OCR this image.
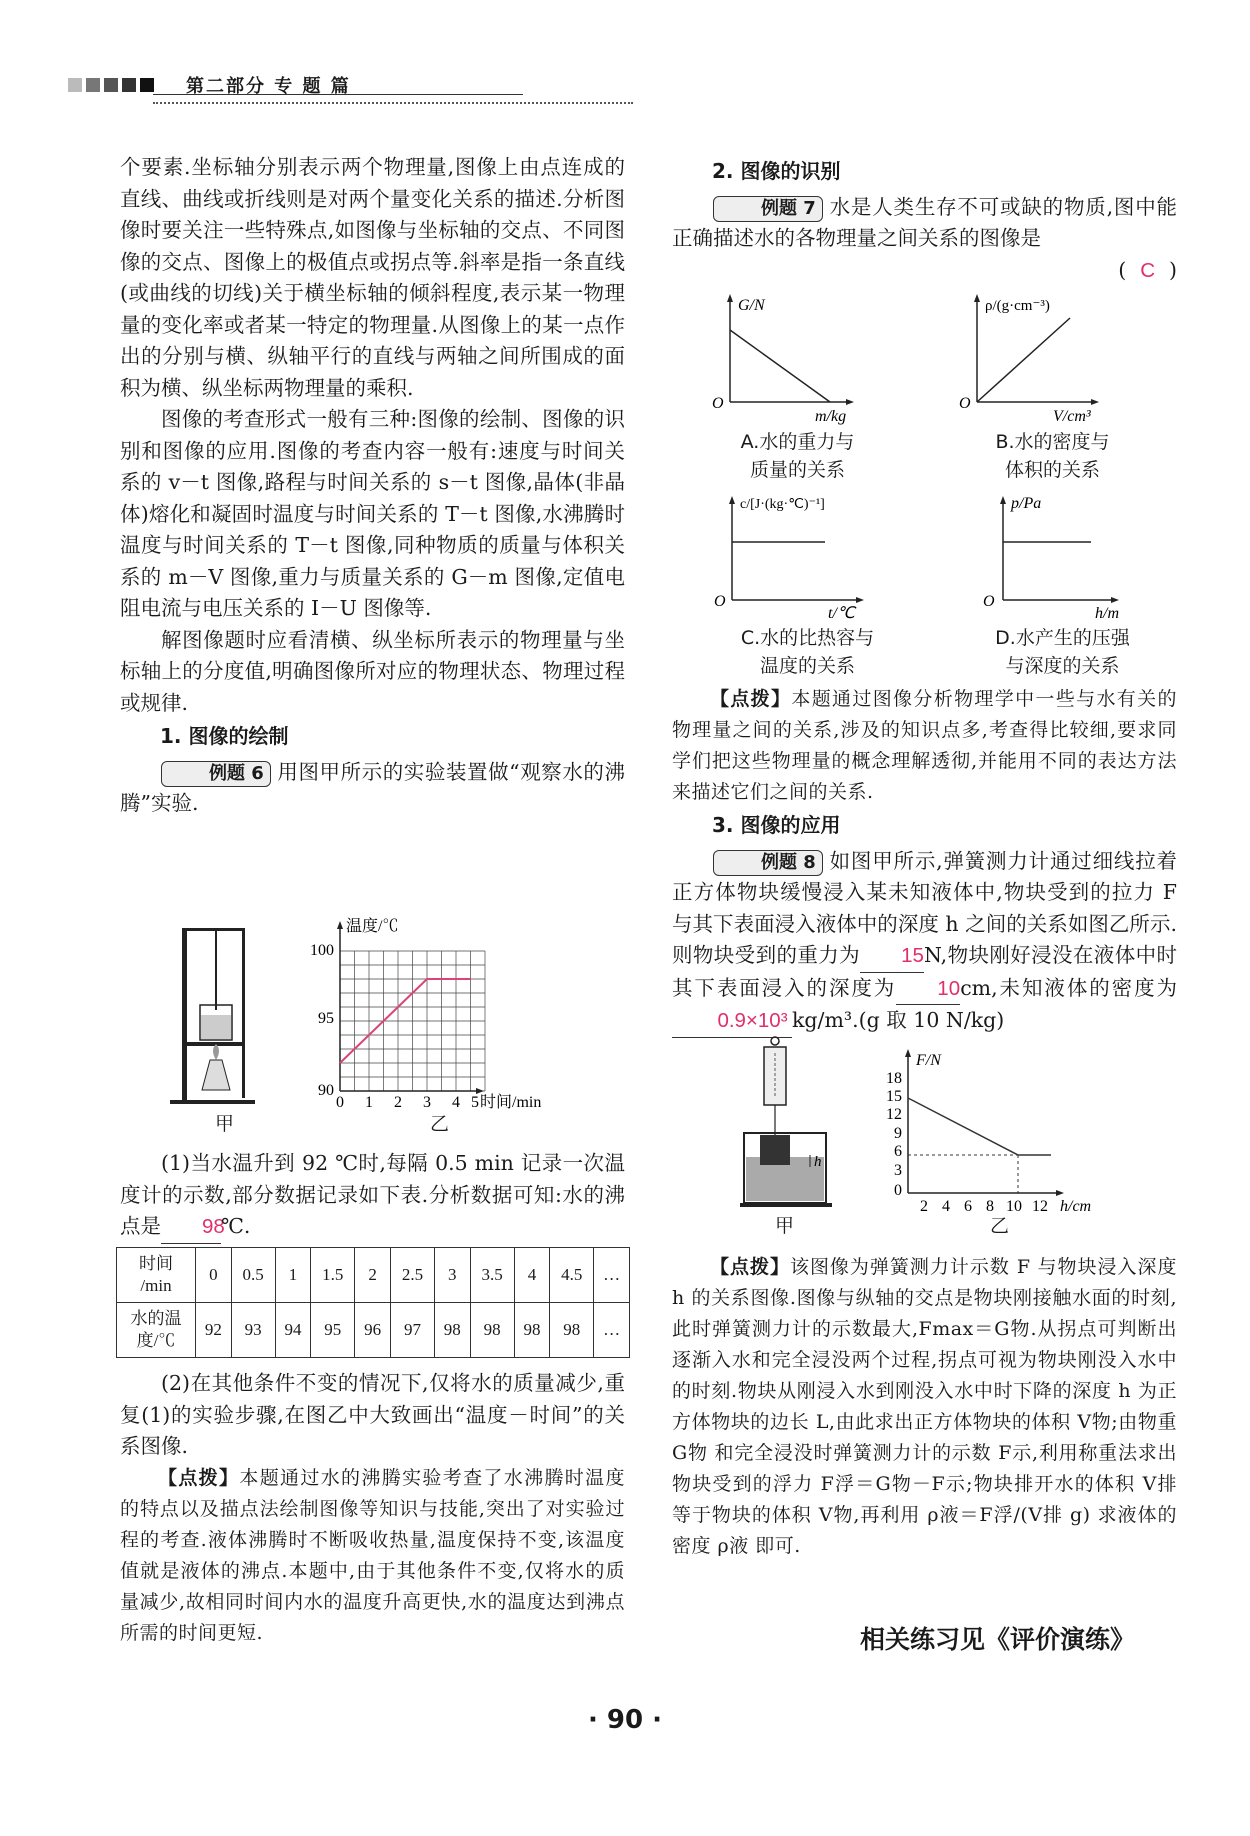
第二部分 专 题 篇

个要素.坐标轴分别表示两个物理量,图像上由点连成的直线、曲线或折线则是对两个量变化关系的描述.分析图像时要关注一些特殊点,如图像与坐标轴的交点、不同图像的交点、图像上的极值点或拐点等.斜率是指一条直线(或曲线的切线)关于横坐标轴的倾斜程度,表示某一物理量的变化率或者某一特定的物理量.从图像上的某一点作出的分别与横、纵轴平行的直线与两轴之间所围成的面积为横、纵坐标两物理量的乘积.

图像的考查形式一般有三种:图像的绘制、图像的识别和图像的应用.图像的考查内容一般有:速度与时间关系的 v－t 图像,路程与时间关系的 s－t 图像,晶体(非晶体)熔化和凝固时温度与时间关系的 T－t 图像,水沸腾时温度与时间关系的 T－t 图像,同种物质的质量与体积关系的 m－V 图像,重力与质量关系的 G－m 图像,定值电阻电流与电压关系的 I－U 图像等.

解图像题时应看清横、纵坐标所表示的物理量与坐标轴上的分度值,明确图像所对应的物理状态、物理过程或规律.

1. 图像的绘制

例题 6 用图甲所示的实验装置做“观察水的沸腾”实验.

甲
温度/℃
时间/min
100
95
90
0 1 2 3 4 5
乙

(1)当水温升到 92 ℃时,每隔 0.5 min 记录一次温度计的示数,部分数据记录如下表.分析数据可知:水的沸点是 98℃.

时间
/min	0	0.5	1	1.5	2	2.5	3	3.5	4	4.5	…
水的温
度/℃	92	93	94	95	96	97	98	98	98	98	…

(2)在其他条件不变的情况下,仅将水的质量减少,重复(1)的实验步骤,在图乙中大致画出“温度－时间”的关系图像.

【点拨】本题通过水的沸腾实验考查了水沸腾时温度的特点以及描点法绘制图像等知识与技能,突出了对实验过程的考查.液体沸腾时不断吸收热量,温度保持不变,该温度值就是液体的沸点.本题中,由于其他条件不变,仅将水的质量减少,故相同时间内水的温度升高更快,水的温度达到沸点所需的时间更短.

2. 图像的识别

例题 7 水是人类生存不可或缺的物质,图中能正确描述水的各物理量之间关系的图像是

( C )

G/N
O
m/kg
A.水的重力与
质量的关系
ρ/(g·cm⁻³)
O
V/cm³
B.水的密度与
体积的关系
c/[J·(kg·℃)⁻¹]
O
t/℃
C.水的比热容与
温度的关系
p/Pa
O
h/m
D.水产生的压强
与深度的关系

【点拨】本题通过图像分析物理学中一些与水有关的物理量之间的关系,涉及的知识点多,考查得比较细,要求同学们把这些物理量的概念理解透彻,并能用不同的表达方法来描述它们之间的关系.

3. 图像的应用

例题 8 如图甲所示,弹簧测力计通过细线拉着正方体物块缓慢浸入某未知液体中,物块受到的拉力 F 与其下表面浸入液体中的深度 h 之间的关系如图乙所示.则物块受到的重力为 15N,物块刚好浸没在液体中时其下表面浸入的深度为 10cm,未知液体的密度为0.9×10³ kg/m³.(g 取 10 N/kg)

h
甲
F/N
h/cm
18
15
12
9
6
3
0
2 4 6 8 10 12
乙

【点拨】该图像为弹簧测力计示数 F 与物块浸入深度 h 的关系图像.图像与纵轴的交点是物块刚接触水面的时刻,此时弹簧测力计的示数最大,Fmax＝G物.从拐点可判断出逐渐入水和完全浸没两个过程,拐点可视为物块刚没入水中的时刻.物块从刚浸入水到刚没入水中时下降的深度 h 为正方体物块的边长 L,由此求出正方体物块的体积 V物;由物重 G物 和完全浸没时弹簧测力计的示数 F示,利用称重法求出物块受到的浮力 F浮＝G物－F示;物块排开水的体积 V排 等于物块的体积 V物,再利用 ρ液＝F浮/(V排 g) 求液体的密度 ρ液 即可.

相关练习见《评价演练》
· 90 ·
